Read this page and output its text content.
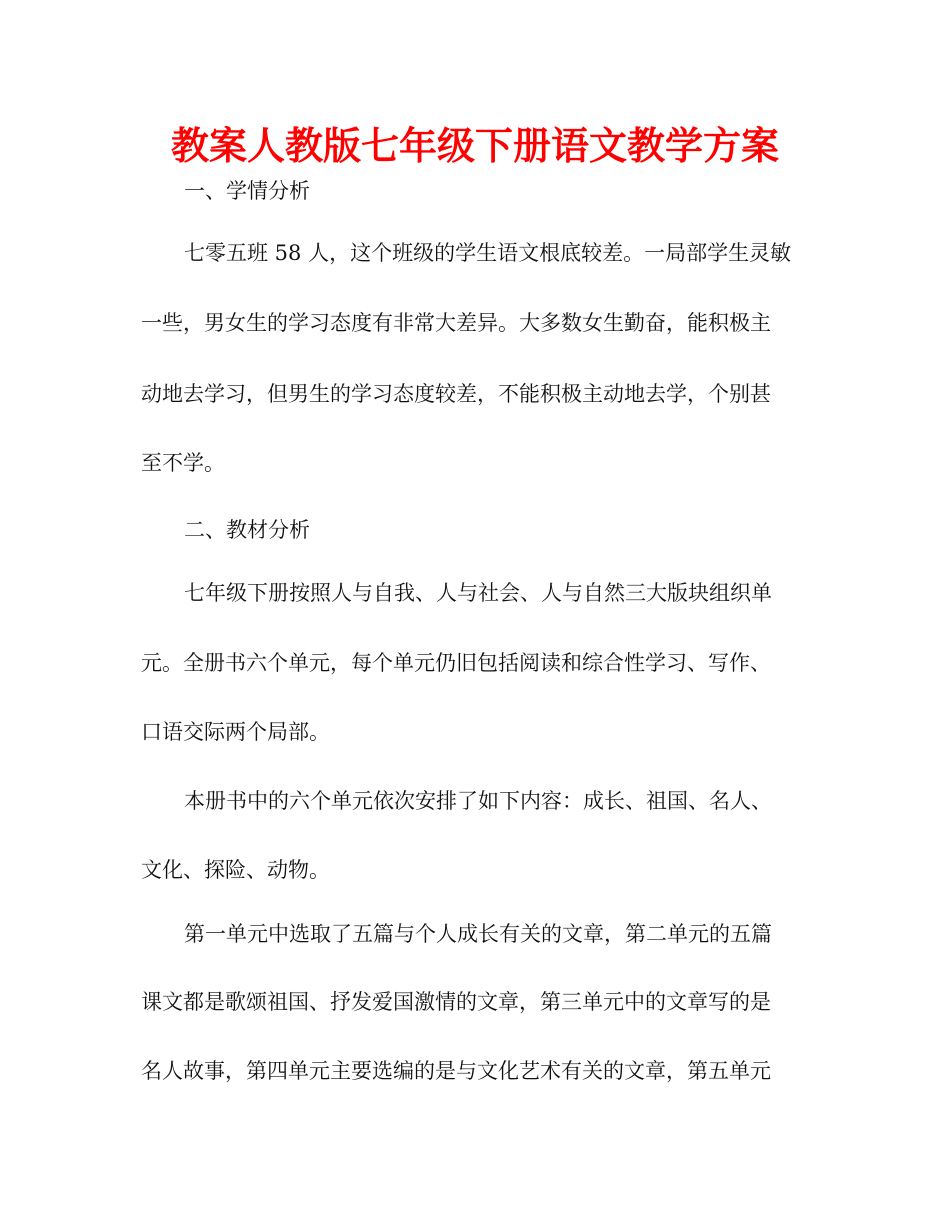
教案人教版七年级下册语文教学方案

一、学情分析

七零五班 58 人，这个班级的学生语文根底较差。一局部学生灵敏

一些，男女生的学习态度有非常大差异。大多数女生勤奋，能积极主

动地去学习，但男生的学习态度较差，不能积极主动地去学，个别甚

至不学。

二、教材分析

七年级下册按照人与自我、人与社会、人与自然三大版块组织单

元。全册书六个单元，每个单元仍旧包括阅读和综合性学习、写作、

口语交际两个局部。

本册书中的六个单元依次安排了如下内容：成长、祖国、名人、

文化、探险、动物。

第一单元中选取了五篇与个人成长有关的文章，第二单元的五篇

课文都是歌颂祖国、抒发爱国激情的文章，第三单元中的文章写的是

名人故事，第四单元主要选编的是与文化艺术有关的文章，第五单元
